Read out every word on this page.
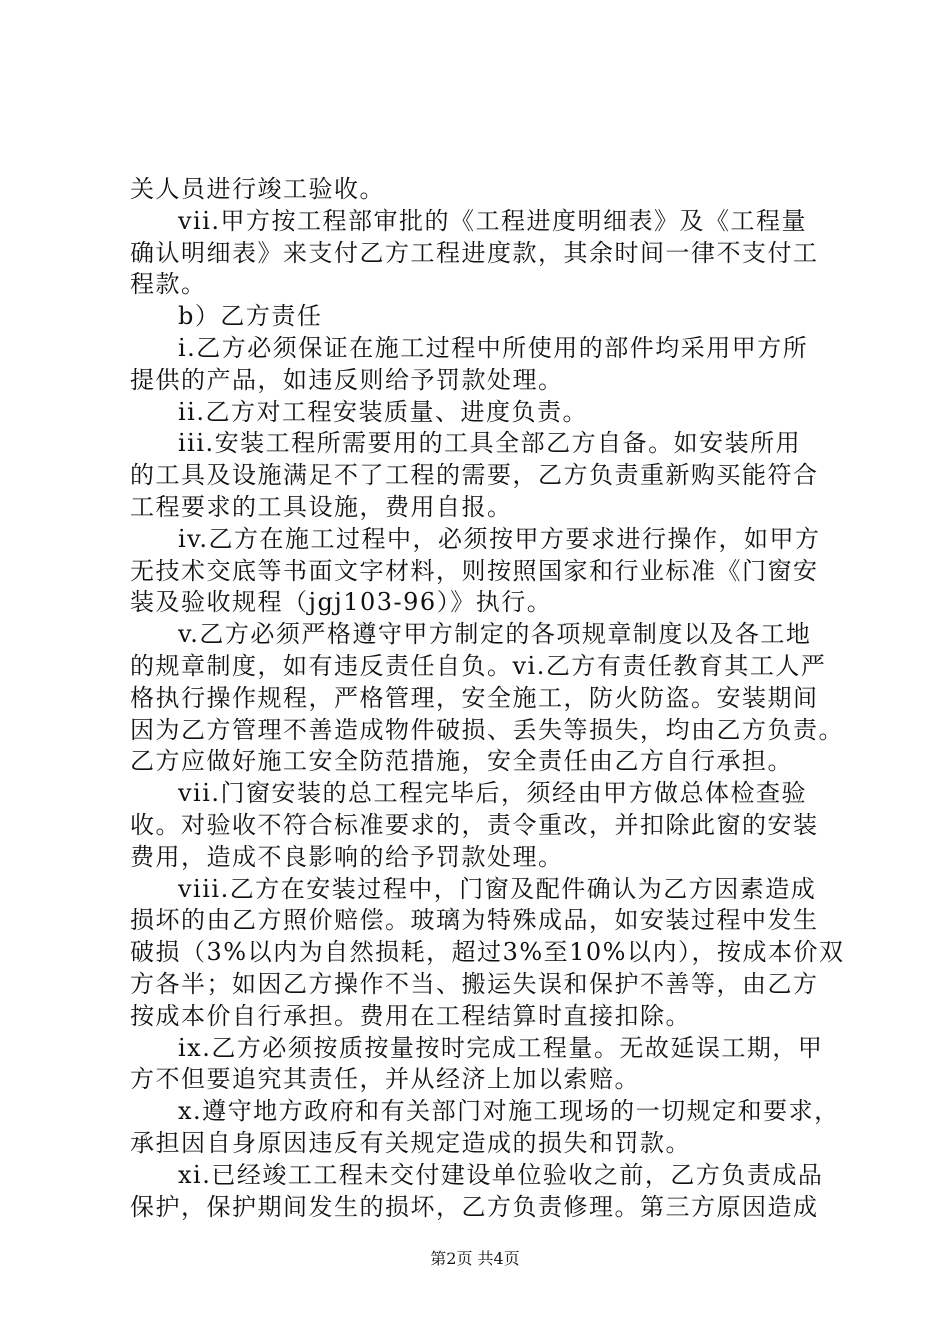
关人员进行竣工验收。
vii.甲方按工程部审批的《工程进度明细表》及《工程量
确认明细表》来支付乙方工程进度款，其余时间一律不支付工
程款。
b）乙方责任
i.乙方必须保证在施工过程中所使用的部件均采用甲方所
提供的产品，如违反则给予罚款处理。
ii.乙方对工程安装质量、进度负责。
iii.安装工程所需要用的工具全部乙方自备。如安装所用
的工具及设施满足不了工程的需要，乙方负责重新购买能符合
工程要求的工具设施，费用自报。
iv.乙方在施工过程中，必须按甲方要求进行操作，如甲方
无技术交底等书面文字材料，则按照国家和行业标准《门窗安
装及验收规程（jgj103-96）》执行。
v.乙方必须严格遵守甲方制定的各项规章制度以及各工地
的规章制度，如有违反责任自负。vi.乙方有责任教育其工人严
格执行操作规程，严格管理，安全施工，防火防盗。安装期间
因为乙方管理不善造成物件破损、丢失等损失，均由乙方负责。
乙方应做好施工安全防范措施，安全责任由乙方自行承担。
vii.门窗安装的总工程完毕后，须经由甲方做总体检查验
收。对验收不符合标准要求的，责令重改，并扣除此窗的安装
费用，造成不良影响的给予罚款处理。
viii.乙方在安装过程中，门窗及配件确认为乙方因素造成
损坏的由乙方照价赔偿。玻璃为特殊成品，如安装过程中发生
破损（3%以内为自然损耗，超过3%至10%以内），按成本价双
方各半；如因乙方操作不当、搬运失误和保护不善等，由乙方
按成本价自行承担。费用在工程结算时直接扣除。
ix.乙方必须按质按量按时完成工程量。无故延误工期，甲
方不但要追究其责任，并从经济上加以索赔。
x.遵守地方政府和有关部门对施工现场的一切规定和要求，
承担因自身原因违反有关规定造成的损失和罚款。
xi.已经竣工工程未交付建设单位验收之前，乙方负责成品
保护，保护期间发生的损坏，乙方负责修理。第三方原因造成
第2页 共4页
